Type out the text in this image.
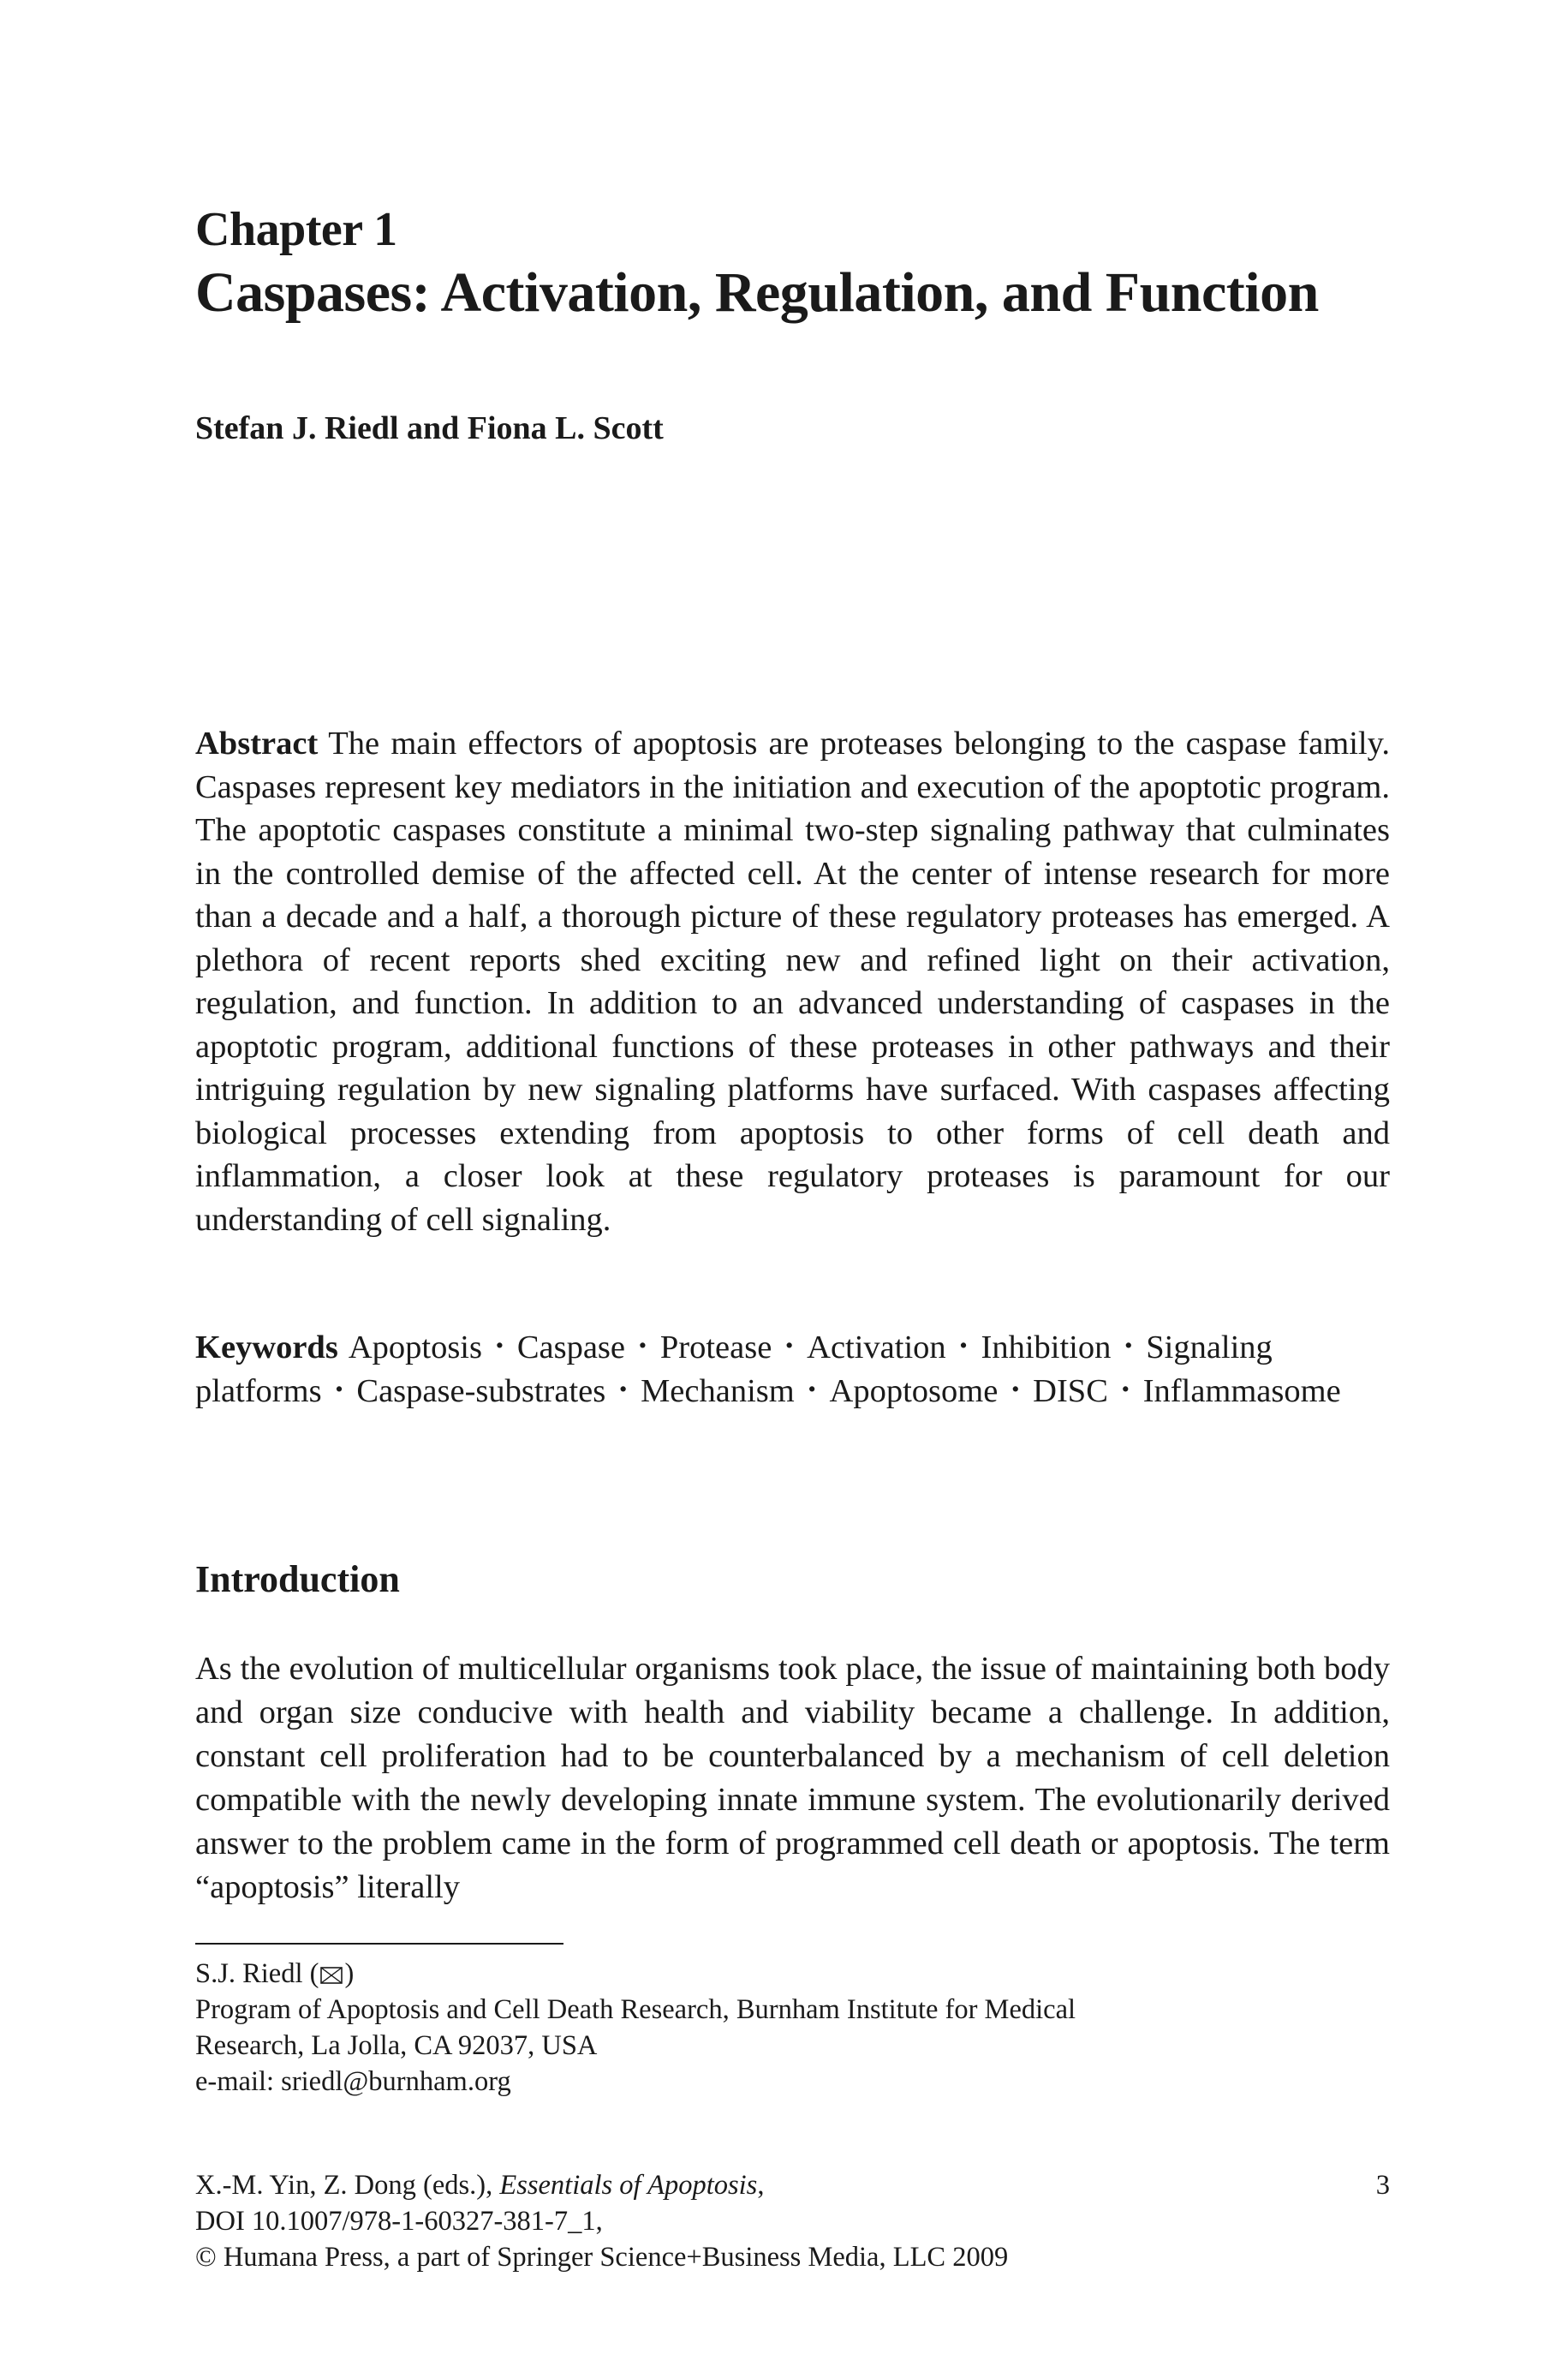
Chapter 1
Caspases: Activation, Regulation, and Function
Stefan J. Riedl and Fiona L. Scott

Abstract The main effectors of apoptosis are proteases belonging to the caspase family. Caspases represent key mediators in the initiation and execution of the apoptotic program. The apoptotic caspases constitute a minimal two-step signaling pathway that culminates in the controlled demise of the affected cell. At the center of intense research for more than a decade and a half, a thorough picture of these regulatory proteases has emerged. A plethora of recent reports shed exciting new and refined light on their activation, regulation, and function. In addition to an advanced understanding of caspases in the apoptotic program, additional functions of these proteases in other pathways and their intriguing regulation by new signaling platforms have surfaced. With caspases affecting biological processes extending from apoptosis to other forms of cell death and inflammation, a closer look at these regulatory proteases is paramount for our understanding of cell signaling.

Keywords Apoptosis · Caspase · Protease · Activation · Inhibition · Signaling platforms · Caspase-substrates · Mechanism · Apoptosome · DISC · Inflammasome

Introduction

As the evolution of multicellular organisms took place, the issue of maintaining both body and organ size conducive with health and viability became a challenge. In addition, constant cell proliferation had to be counterbalanced by a mechanism of cell deletion compatible with the newly developing innate immune system. The evolutionarily derived answer to the problem came in the form of programmed cell death or apoptosis. The term “apoptosis” literally

S.J. Riedl ( )
Program of Apoptosis and Cell Death Research, Burnham Institute for Medical
Research, La Jolla, CA 92037, USA
e-mail: sriedl@burnham.org
X.-M. Yin, Z. Dong (eds.), Essentials of Apoptosis,
DOI 10.1007/978-1-60327-381-7_1,
© Humana Press, a part of Springer Science+Business Media, LLC 2009
3
